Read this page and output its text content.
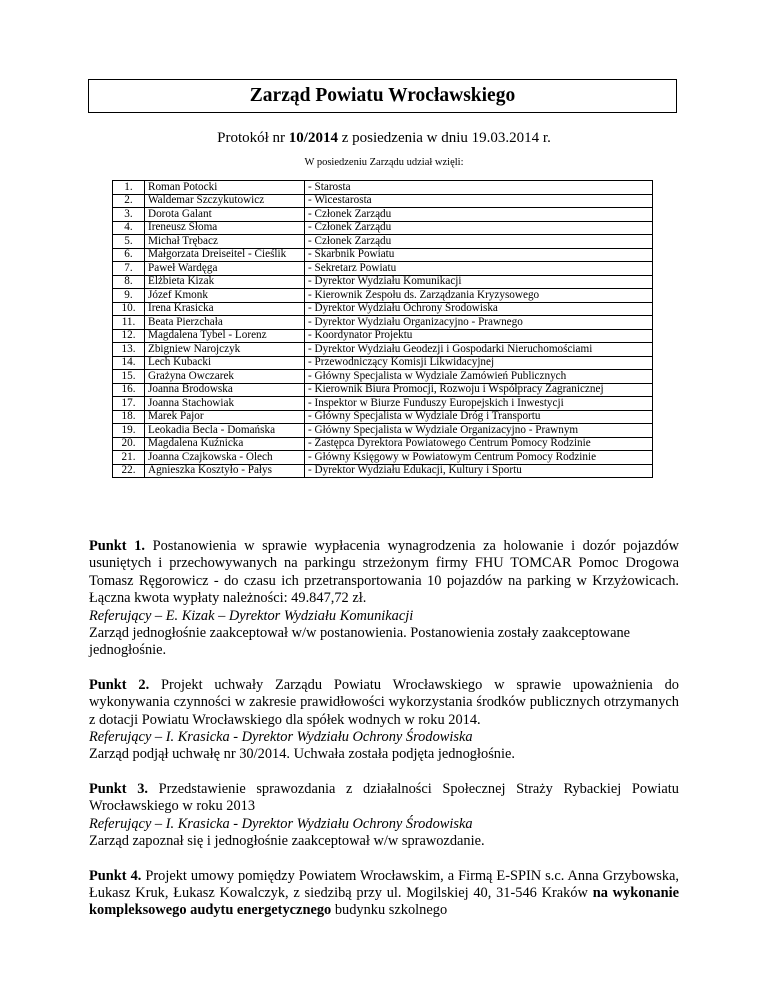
Zarząd Powiatu Wrocławskiego
Protokół nr 10/2014 z posiedzenia w dniu 19.03.2014 r.
W posiedzeniu Zarządu udział wzięli:
1.	Roman Potocki	- Starosta
2.	Waldemar Szczykutowicz	- Wicestarosta
3.	Dorota Galant	- Członek Zarządu
4.	Ireneusz Słoma	- Członek Zarządu
5.	Michał Trębacz	- Członek Zarządu
6.	Małgorzata Dreiseitel - Cieślik	- Skarbnik Powiatu
7.	Paweł Wardęga	- Sekretarz Powiatu
8.	Elżbieta Kizak	- Dyrektor Wydziału Komunikacji
9.	Józef Kmonk	- Kierownik Zespołu ds. Zarządzania Kryzysowego
10.	Irena Krasicka	- Dyrektor Wydziału Ochrony Środowiska
11.	Beata Pierzchała	- Dyrektor Wydziału Organizacyjno - Prawnego
12.	Magdalena Tybel - Lorenz	- Koordynator Projektu
13.	Zbigniew Narojczyk	- Dyrektor Wydziału Geodezji i Gospodarki Nieruchomościami
14.	Lech Kubacki	- Przewodniczący Komisji Likwidacyjnej
15.	Grażyna Owczarek	- Główny Specjalista w Wydziale Zamówień Publicznych
16.	Joanna Brodowska	- Kierownik Biura Promocji, Rozwoju i Współpracy Zagranicznej
17.	Joanna Stachowiak	- Inspektor w Biurze Funduszy Europejskich i Inwestycji
18.	Marek Pajor	- Główny Specjalista w Wydziale Dróg i Transportu
19.	Leokadia Becla - Domańska	- Główny Specjalista w Wydziale Organizacyjno - Prawnym
20.	Magdalena Kuźnicka	- Zastępca Dyrektora Powiatowego Centrum Pomocy Rodzinie
21.	Joanna Czajkowska - Olech	- Główny Księgowy w Powiatowym Centrum Pomocy Rodzinie
22.	Agnieszka Kosztyło - Pałys	- Dyrektor Wydziału Edukacji, Kultury i Sportu

Punkt 1. Postanowienia w sprawie wypłacenia wynagrodzenia za holowanie i dozór pojazdów usuniętych i przechowywanych na parkingu strzeżonym firmy FHU TOMCAR Pomoc Drogowa Tomasz Ręgorowicz - do czasu ich przetransportowania 10 pojazdów na parking w Krzyżowicach. Łączna kwota wypłaty należności: 49.847,72 zł.

Referujący – E. Kizak – Dyrektor Wydziału Komunikacji

Zarząd jednogłośnie zaakceptował w/w postanowienia. Postanowienia zostały zaakceptowane jednogłośnie.

Punkt 2. Projekt uchwały Zarządu Powiatu Wrocławskiego w sprawie upoważnienia do wykonywania czynności w zakresie prawidłowości wykorzystania środków publicznych otrzymanych z dotacji Powiatu Wrocławskiego dla spółek wodnych w roku 2014.

Referujący – I. Krasicka - Dyrektor Wydziału Ochrony Środowiska

Zarząd podjął uchwałę nr 30/2014. Uchwała została podjęta jednogłośnie.

Punkt 3. Przedstawienie sprawozdania z działalności Społecznej Straży Rybackiej Powiatu Wrocławskiego w roku 2013

Referujący – I. Krasicka - Dyrektor Wydziału Ochrony Środowiska

Zarząd zapoznał się i jednogłośnie zaakceptował w/w sprawozdanie.

Punkt 4. Projekt umowy pomiędzy Powiatem Wrocławskim, a Firmą E-SPIN s.c. Anna Grzybowska, Łukasz Kruk, Łukasz Kowalczyk, z siedzibą przy ul. Mogilskiej 40, 31-546 Kraków na wykonanie kompleksowego audytu energetycznego budynku szkolnego
